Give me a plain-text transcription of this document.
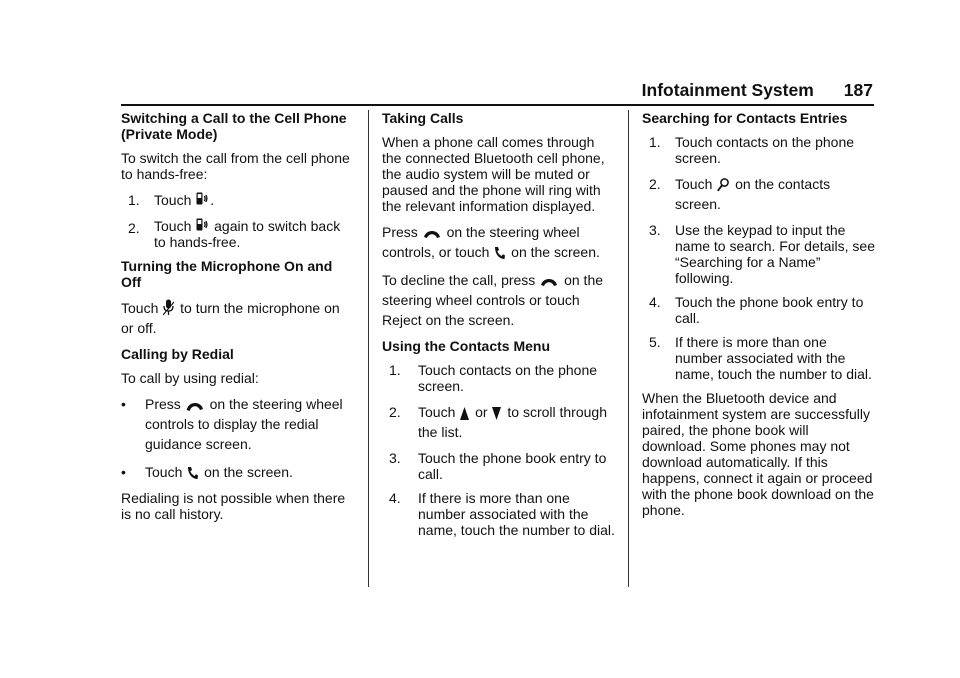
Infotainment System 187
Switching a Call to the Cell Phone (Private Mode)

To switch the call from the cell phone to hands-free:

1.	Touch .
2.	Touch again to switch back to hands-free.
Turning the Microphone On and Off

Touch to turn the microphone on or off.

Calling by Redial

To call by using redial:

•	Press on the steering wheel controls to display the redial guidance screen.
•	Touch on the screen.

Redialing is not possible when there is no call history.

Taking Calls

When a phone call comes through the connected Bluetooth cell phone, the audio system will be muted or paused and the phone will ring with the relevant information displayed.

Press on the steering wheel controls, or touch on the screen.

To decline the call, press on the steering wheel controls or touch Reject on the screen.

Using the Contacts Menu
1.	Touch contacts on the phone screen.
2.	Touch or to scroll through the list.
3.	Touch the phone book entry to call.
4.	If there is more than one number associated with the name, touch the number to dial.
Searching for Contacts Entries
1.	Touch contacts on the phone screen.
2.	Touch on the contacts screen.
3.	Use the keypad to input the name to search. For details, see “Searching for a Name” following.
4.	Touch the phone book entry to call.
5.	If there is more than one number associated with the name, touch the number to dial.

When the Bluetooth device and infotainment system are successfully paired, the phone book will download. Some phones may not download automatically. If this happens, connect it again or proceed with the phone book download on the phone.
